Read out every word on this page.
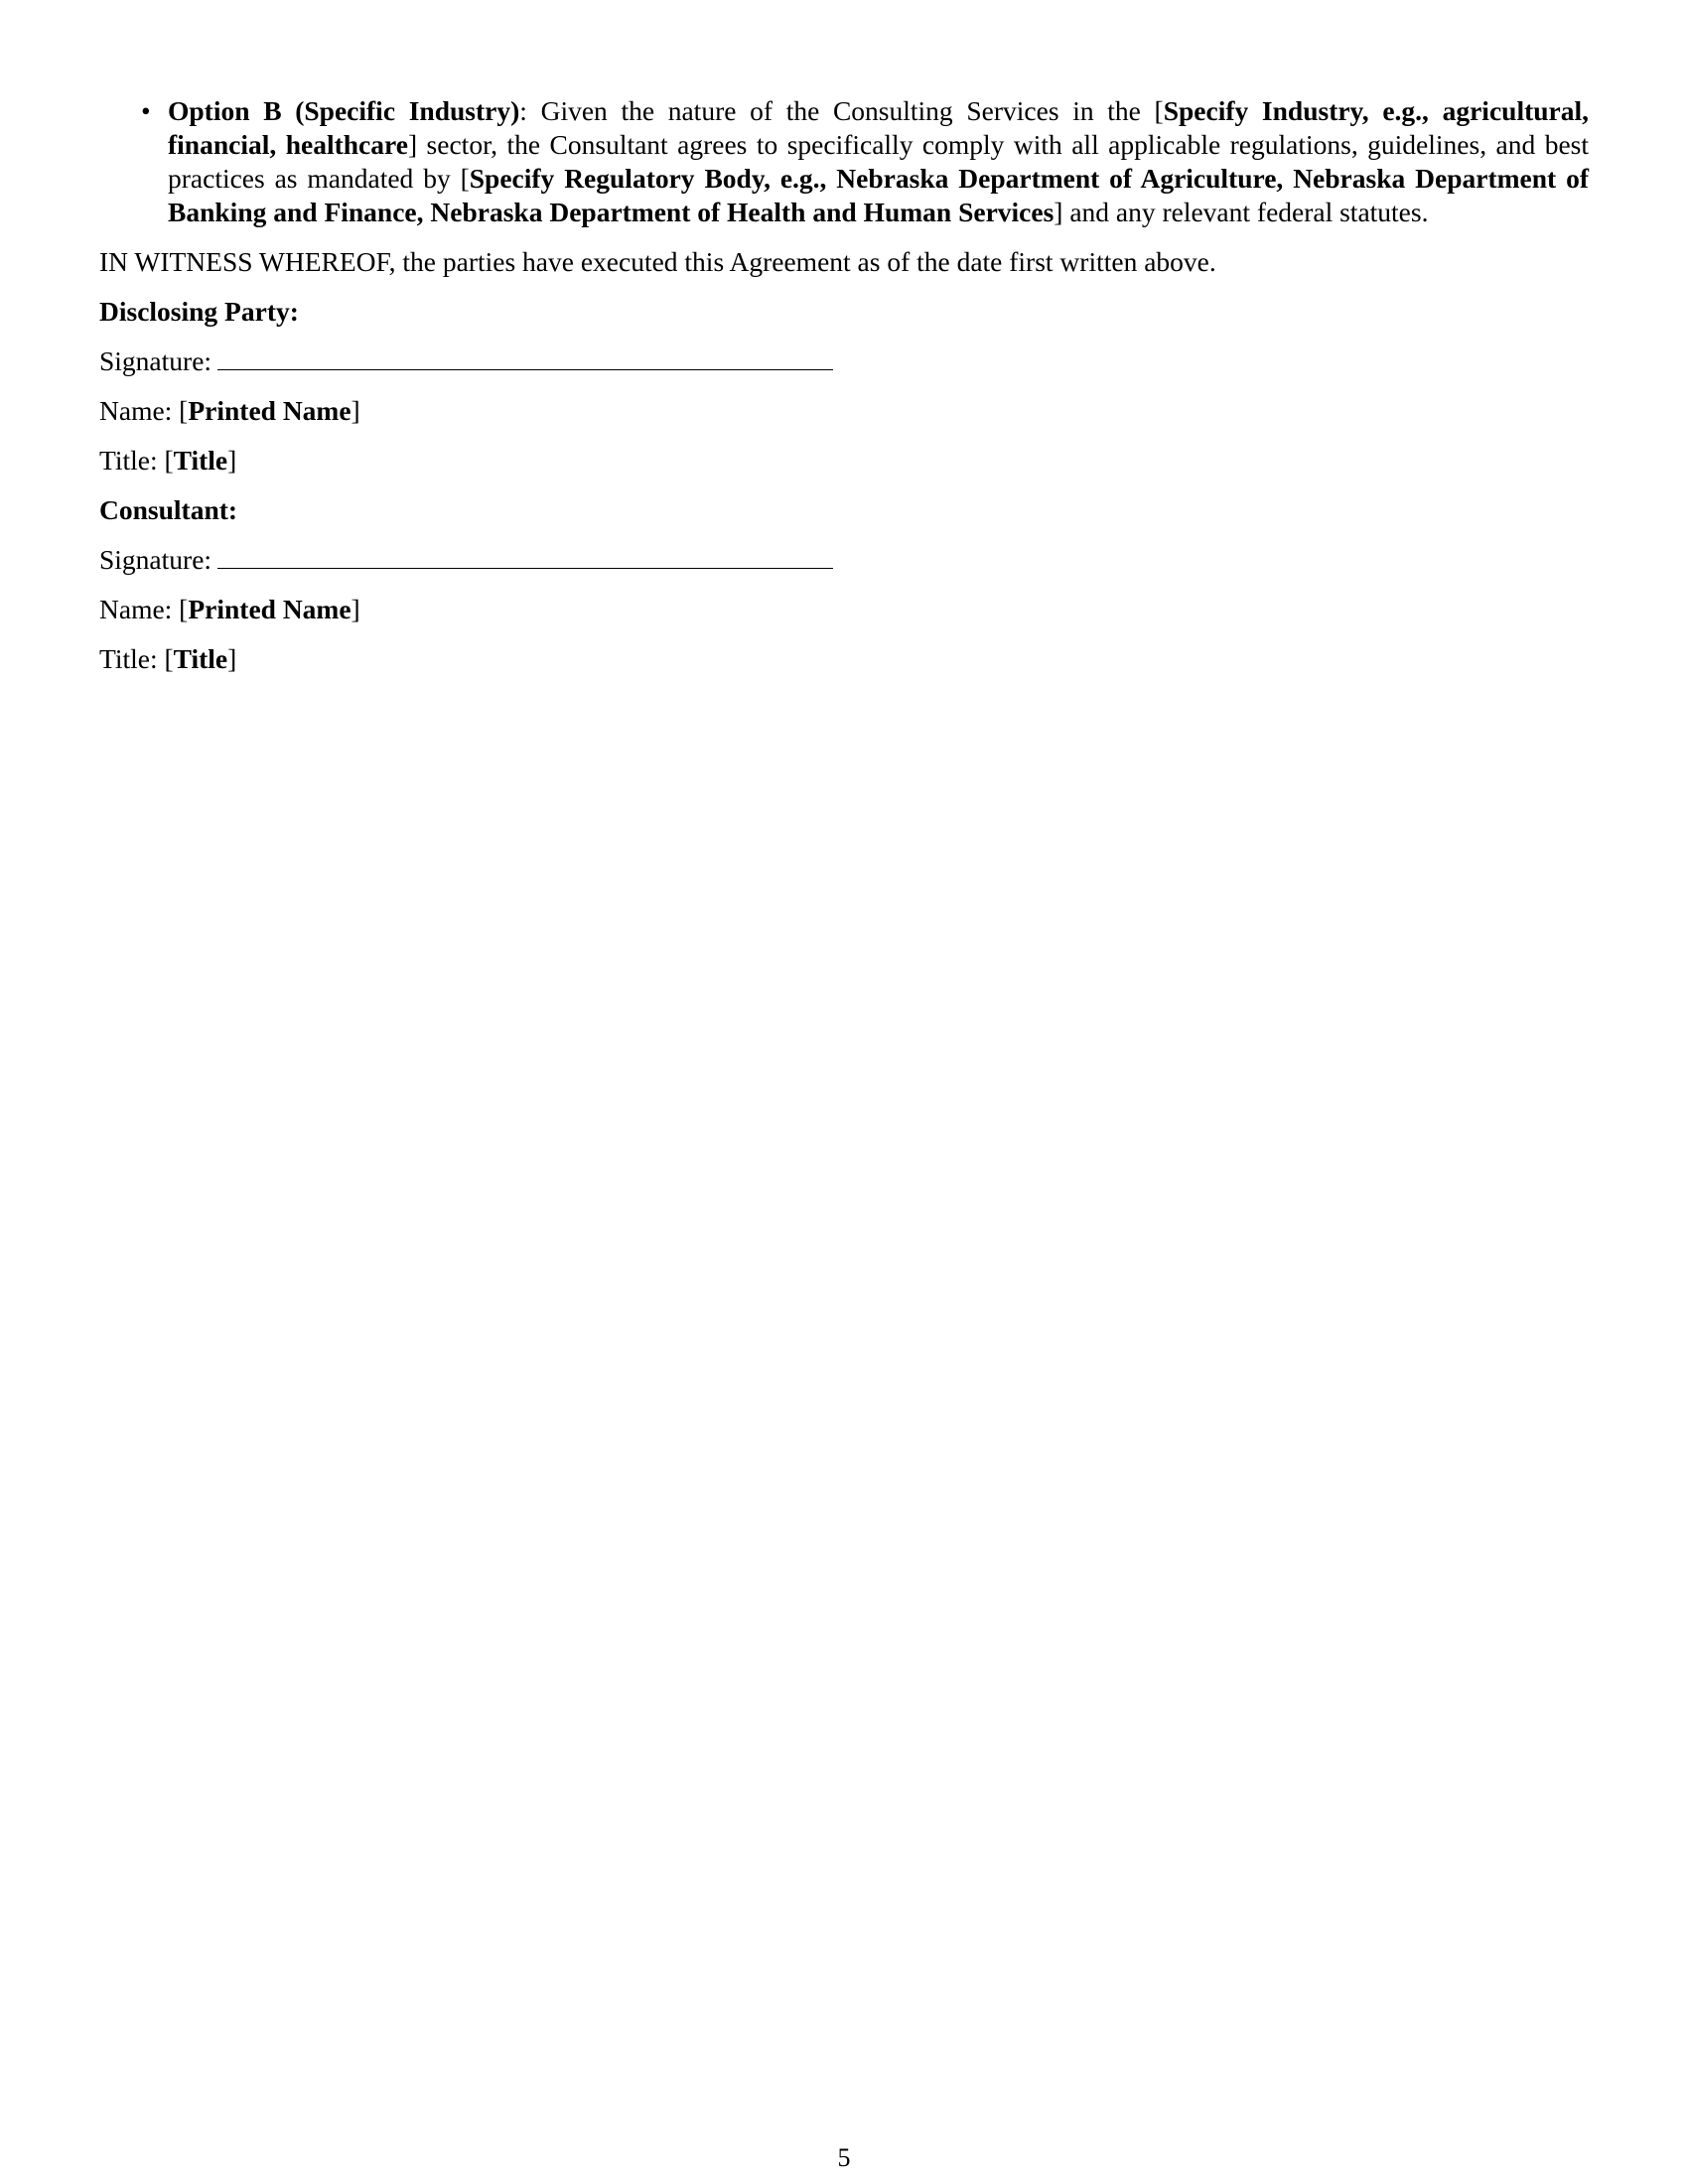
• Option B (Specific Industry): Given the nature of the Consulting Services in the [Specify Industry, e.g., agricultural, financial, healthcare] sector, the Consultant agrees to specifically comply with all applicable regulations, guidelines, and best practices as mandated by [Specify Regulatory Body, e.g., Nebraska Department of Agriculture, Nebraska Department of Banking and Finance, Nebraska Department of Health and Human Services] and any relevant federal statutes.

IN WITNESS WHEREOF, the parties have executed this Agreement as of the date first written above.

Disclosing Party:

Signature:

Name: [Printed Name]

Title: [Title]

Consultant:

Signature:

Name: [Printed Name]

Title: [Title]

5
